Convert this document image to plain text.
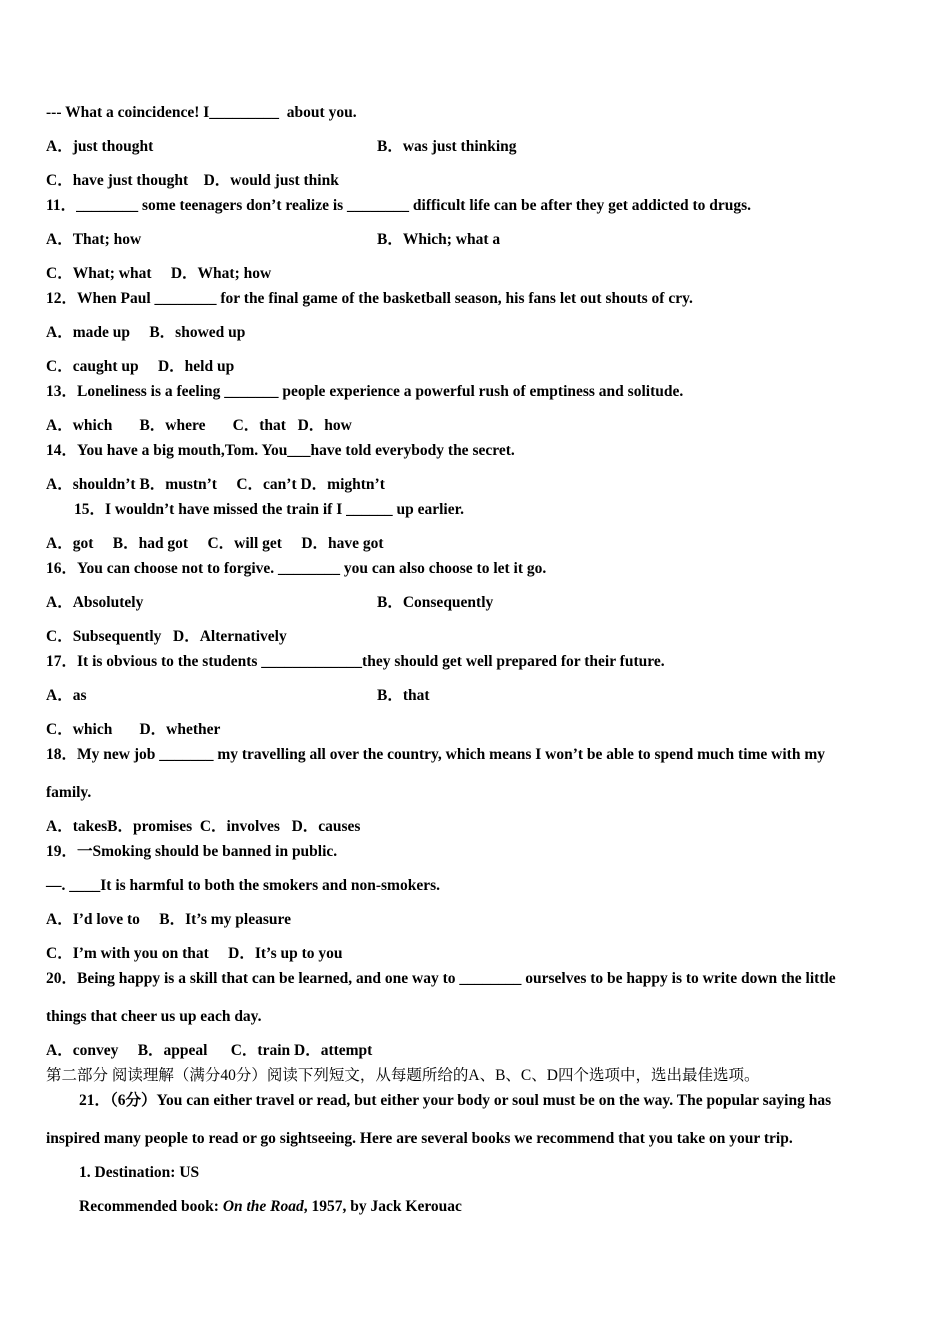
--- What a coincidence! I_________  about you.
A．just thought	B．was just thinking
C．have just thought    D．would just think
11．________ some teenagers don’t realize is ________ difficult life can be after they get addicted to drugs.
A．That; how	B．Which; what a
C．What; what     D．What; how
12．When Paul ________ for the final game of the basketball season, his fans let out shouts of cry.
A．made up     B．showed up
C．caught up     D．held up
13．Loneliness is a feeling _______ people experience a powerful rush of emptiness and solitude.
A．which       B．where       C．that   D．how
14．You have a big mouth,Tom. You___have told everybody the secret.
A．shouldn’t B．mustn’t     C．can’t D．mightn’t
15．I wouldn’t have missed the train if I ______ up earlier.
A．got     B．had got     C．will get     D．have got
16．You can choose not to forgive. ________ you can also choose to let it go.
A．Absolutely	B．Consequently
C．Subsequently   D．Alternatively
17．It is obvious to the students _____________they should get well prepared for their future.
A．as	B．that
C．which       D．whether
18．My new job _______ my travelling all over the country, which means I won’t be able to spend much time with my
family.
A．takesB．promises  C．involves   D．causes
19．一Smoking should be banned in public.
—. ____It is harmful to both the smokers and non-smokers.
A．I’d love to     B．It’s my pleasure
C．I’m with you on that     D．It’s up to you
20．Being happy is a skill that can be learned, and one way to ________ ourselves to be happy is to write down the little
things that cheer us up each day.
A．convey     B．appeal      C．train D．attempt
第二部分 阅读理解（满分40分）阅读下列短文，从每题所给的A、B、C、D四个选项中，选出最佳选项。
21．（6分）You can either travel or read, but either your body or soul must be on the way. The popular saying has
inspired many people to read or go sightseeing. Here are several books we recommend that you take on your trip.
1. Destination: US
Recommended book: On the Road, 1957, by Jack Kerouac
